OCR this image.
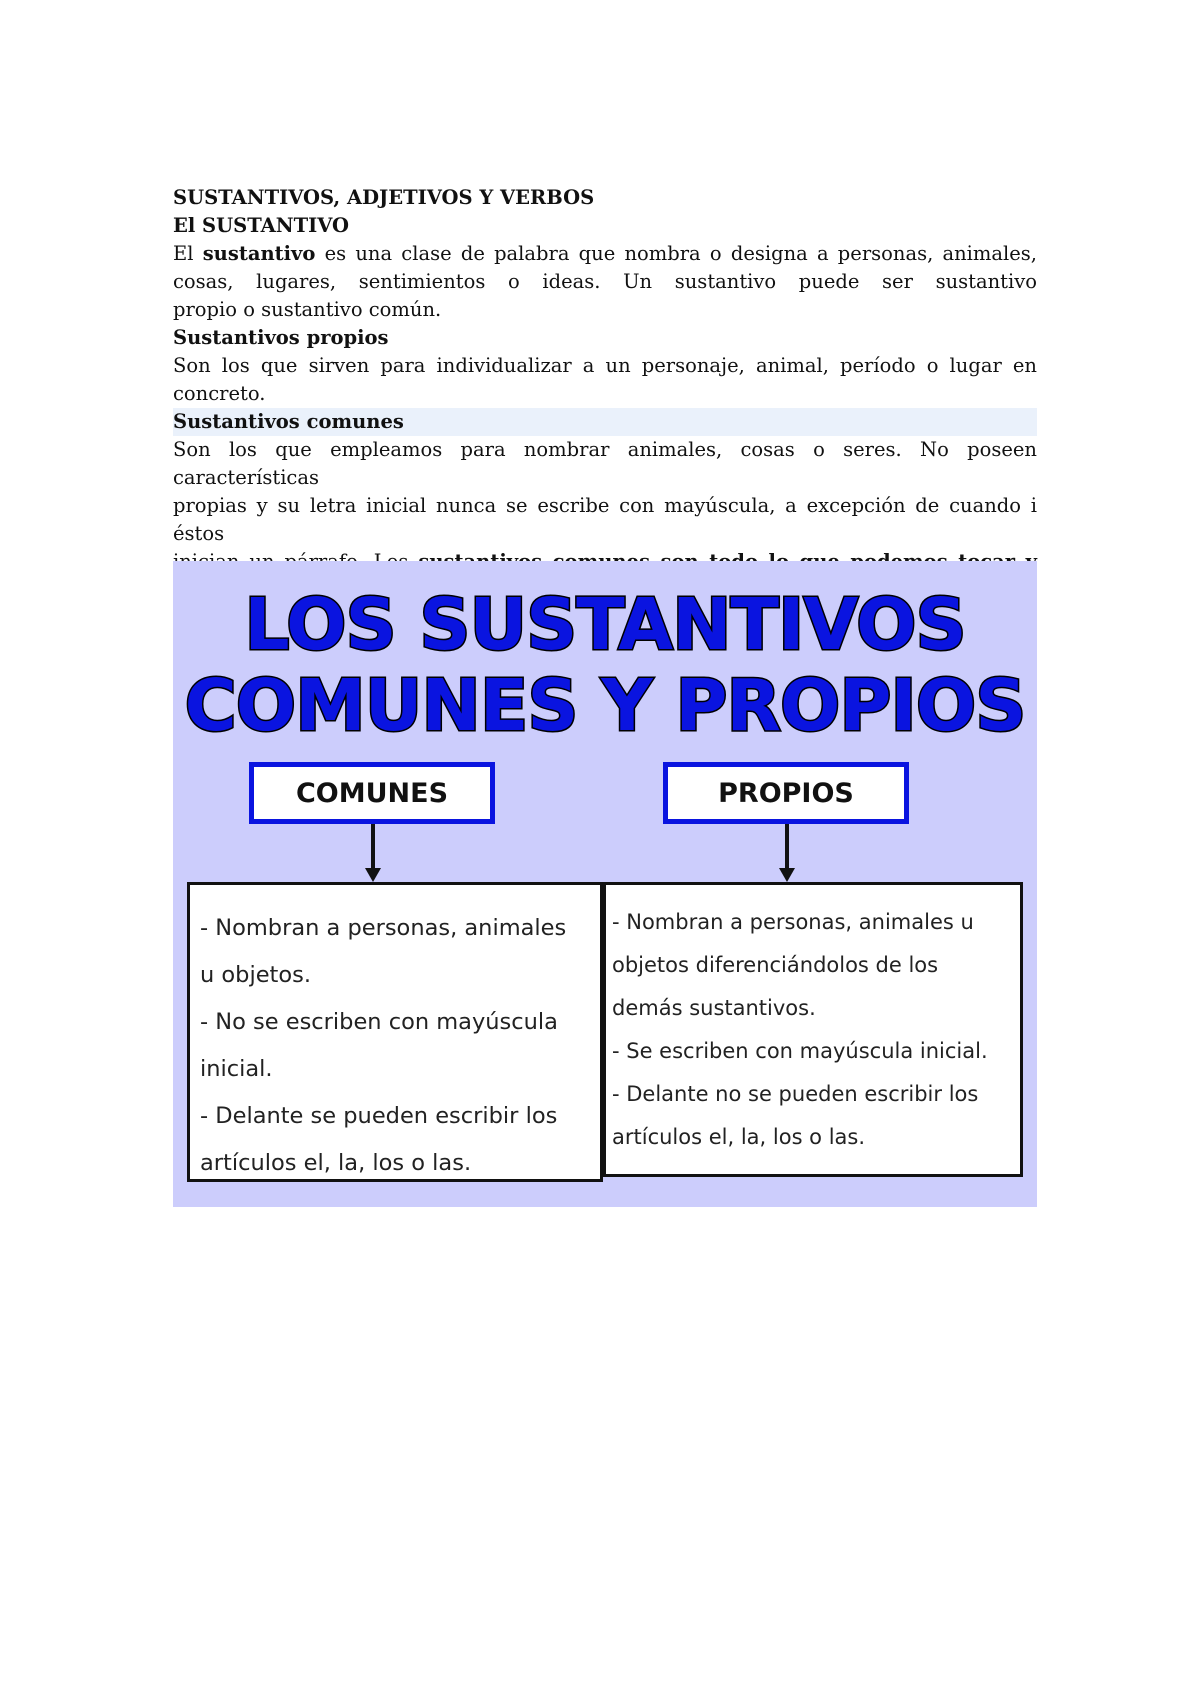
SUSTANTIVOS, ADJETIVOS Y VERBOS
El SUSTANTIVO
El sustantivo es una clase de palabra que nombra o designa a personas, animales,
cosas, lugares, sentimientos o ideas. Un sustantivo puede ser sustantivo
propio o sustantivo común.
Sustantivos propios
Son los que sirven para individualizar a un personaje, animal, período o lugar en
concreto.
Sustantivos comunes
Son los que empleamos para nombrar animales, cosas o seres. No poseen características
propias y su letra inicial nunca se escribe con mayúscula, a excepción de cuando i éstos
LOS SUSTANTIVOS
COMUNES Y PROPIOS
COMUNES	PROPIOS
- Nombran a personas, animales
u objetos.
- No se escriben con mayúscula
inicial.
- Delante se pueden escribir los
artículos el, la, los o las.
- Nombran a personas, animales u
objetos diferenciándolos de los
demás sustantivos.
- Se escriben con mayúscula inicial.
- Delante no se pueden escribir los
artículos el, la, los o las.
